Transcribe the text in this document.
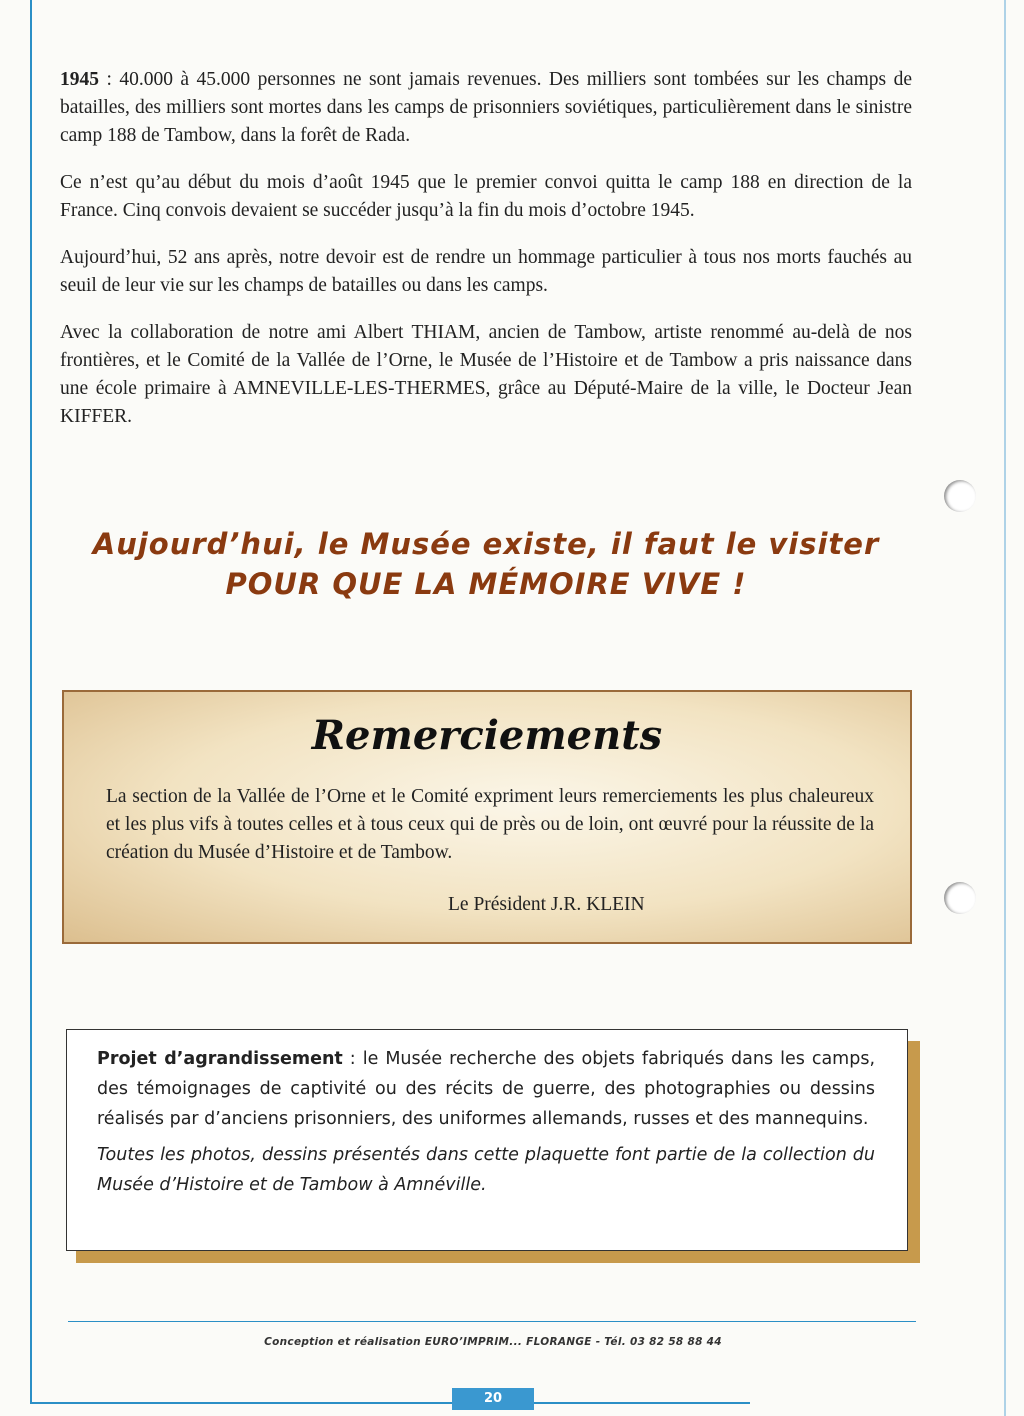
1945 : 40.000 à 45.000 personnes ne sont jamais revenues. Des milliers sont tombées sur les champs de batailles, des milliers sont mortes dans les camps de prisonniers soviétiques, particulièrement dans le sinistre camp 188 de Tambow, dans la forêt de Rada.

Ce n’est qu’au début du mois d’août 1945 que le premier convoi quitta le camp 188 en direction de la France. Cinq convois devaient se succéder jusqu’à la fin du mois d’octobre 1945.

Aujourd’hui, 52 ans après, notre devoir est de rendre un hommage particulier à tous nos morts fauchés au seuil de leur vie sur les champs de batailles ou dans les camps.

Avec la collaboration de notre ami Albert THIAM, ancien de Tambow, artiste renommé au-delà de nos frontières, et le Comité de la Vallée de l’Orne, le Musée de l’Histoire et de Tambow a pris naissance dans une école primaire à AMNEVILLE-LES-THERMES, grâce au Député-Maire de la ville, le Docteur Jean KIFFER.

Aujourd’hui, le Musée existe, il faut le visiter
POUR QUE LA MÉMOIRE VIVE !
Remerciements
La section de la Vallée de l’Orne et le Comité expriment leurs remerciements les plus chaleureux et les plus vifs à toutes celles et à tous ceux qui de près ou de loin, ont œuvré pour la réussite de la création du Musée d’Histoire et de Tambow.
Le Président J.R. KLEIN

Projet d’agrandissement : le Musée recherche des objets fabriqués dans les camps, des témoignages de captivité ou des récits de guerre, des photographies ou dessins réalisés par d’anciens prisonniers, des uniformes allemands, russes et des mannequins.

Toutes les photos, dessins présentés dans cette plaquette font partie de la collection du Musée d’Histoire et de Tambow à Amnéville.

Conception et réalisation EURO’IMPRIM... FLORANGE - Tél. 03 82 58 88 44
20
